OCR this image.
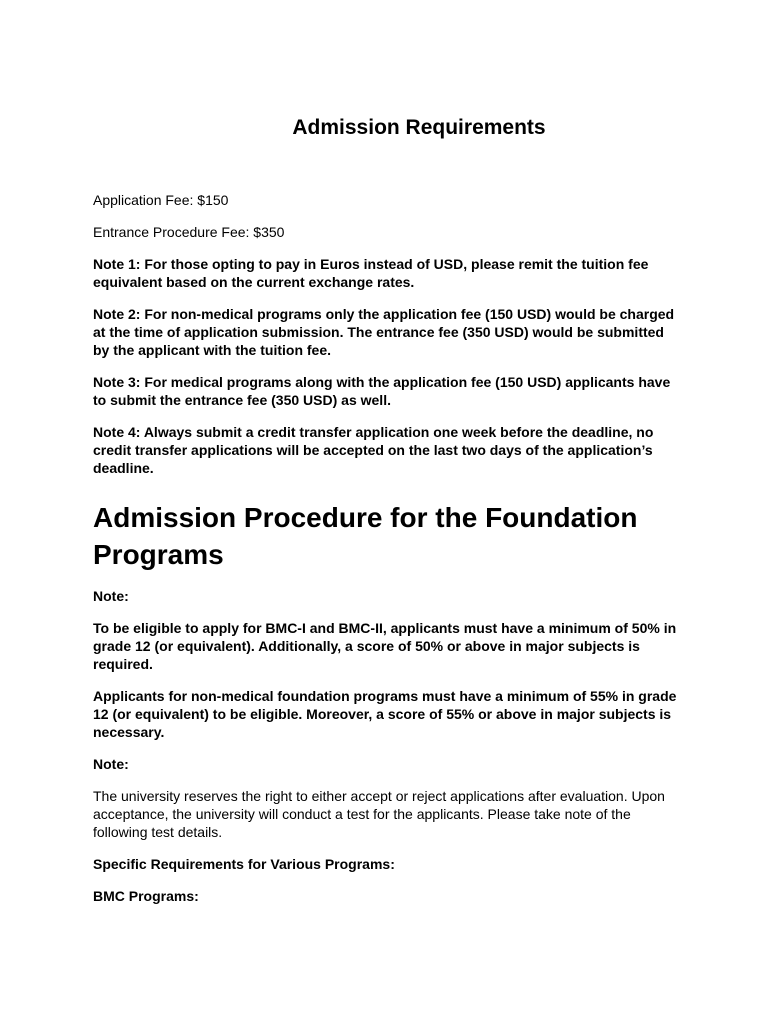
Admission Requirements

Application Fee: $150

Entrance Procedure Fee: $350

Note 1: For those opting to pay in Euros instead of USD, please remit the tuition fee equivalent based on the current exchange rates.

Note 2: For non-medical programs only the application fee (150 USD) would be charged at the time of application submission. The entrance fee (350 USD) would be submitted by the applicant with the tuition fee.

Note 3: For medical programs along with the application fee (150 USD) applicants have to submit the entrance fee (350 USD) as well.

Note 4: Always submit a credit transfer application one week before the deadline, no credit transfer applications will be accepted on the last two days of the application’s deadline.

Admission Procedure for the Foundation Programs

Note:

To be eligible to apply for BMC-I and BMC-II, applicants must have a minimum of 50% in grade 12 (or equivalent). Additionally, a score of 50% or above in major subjects is required.

Applicants for non-medical foundation programs must have a minimum of 55% in grade 12 (or equivalent) to be eligible. Moreover, a score of 55% or above in major subjects is necessary.

Note:

The university reserves the right to either accept or reject applications after evaluation. Upon acceptance, the university will conduct a test for the applicants. Please take note of the following test details.

Specific Requirements for Various Programs:

BMC Programs:
